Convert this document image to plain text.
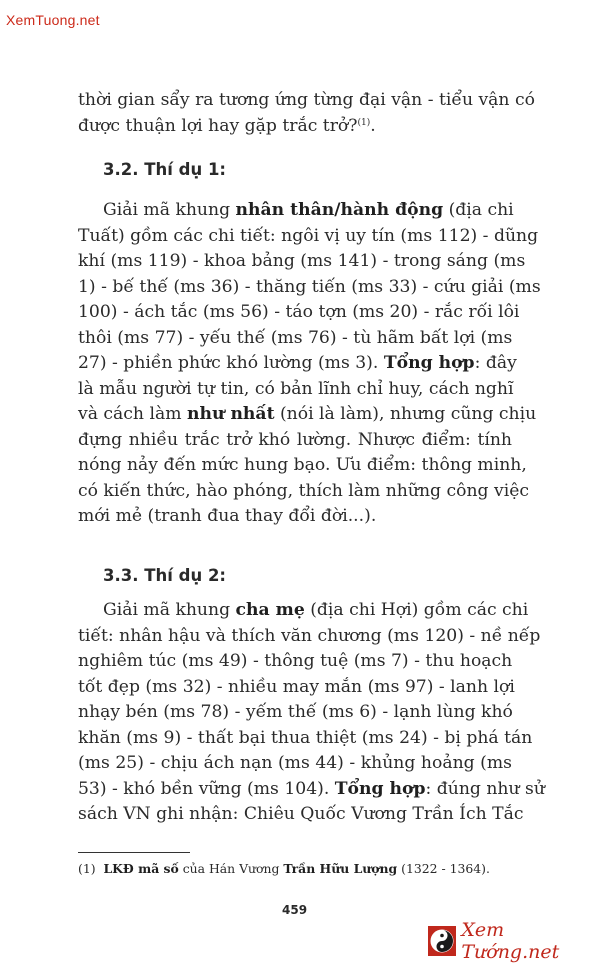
XemTuong.net
thời gian sẩy ra tương ứng từng đại vận - tiểu vận có
được thuận lợi hay gặp trắc trở?$^{(1)}$.
3.2. Thí dụ 1:
Giải mã khung nhân thân/hành động (địa chi
Tuất) gồm các chi tiết: ngôi vị uy tín (ms 112) - dũng
khí (ms 119) - khoa bảng (ms 141) - trong sáng (ms
1) - bế thế (ms 36) - thăng tiến (ms 33) - cứu giải (ms
100) - ách tắc (ms 56) - táo tợn (ms 20) - rắc rối lôi
thôi (ms 77) - yếu thế (ms 76) - tù hãm bất lợi (ms
27) - phiền phức khó lường (ms 3). Tổng hợp: đây
là mẫu người tự tin, có bản lĩnh chỉ huy, cách nghĩ
và cách làm như nhất (nói là làm), nhưng cũng chịu
đựng nhiều trắc trở khó lường. Nhược điểm: tính
nóng nảy đến mức hung bạo. Ưu điểm: thông minh,
có kiến thức, hào phóng, thích làm những công việc
mới mẻ (tranh đua thay đổi đời...).
3.3. Thí dụ 2:
Giải mã khung cha mẹ (địa chi Hợi) gồm các chi
tiết: nhân hậu và thích văn chương (ms 120) - nề nếp
nghiêm túc (ms 49) - thông tuệ (ms 7) - thu hoạch
tốt đẹp (ms 32) - nhiều may mắn (ms 97) - lanh lợi
nhạy bén (ms 78) - yếm thế (ms 6) - lạnh lùng khó
khăn (ms 9) - thất bại thua thiệt (ms 24) - bị phá tán
(ms 25) - chịu ách nạn (ms 44) - khủng hoảng (ms
53) - khó bền vững (ms 104). Tổng hợp: đúng như sử
sách VN ghi nhận: Chiêu Quốc Vương Trần Ích Tắc
(1) LKĐ mã số của Hán Vương Trần Hữu Lượng (1322 - 1364).
459
Xem Tướng.net
